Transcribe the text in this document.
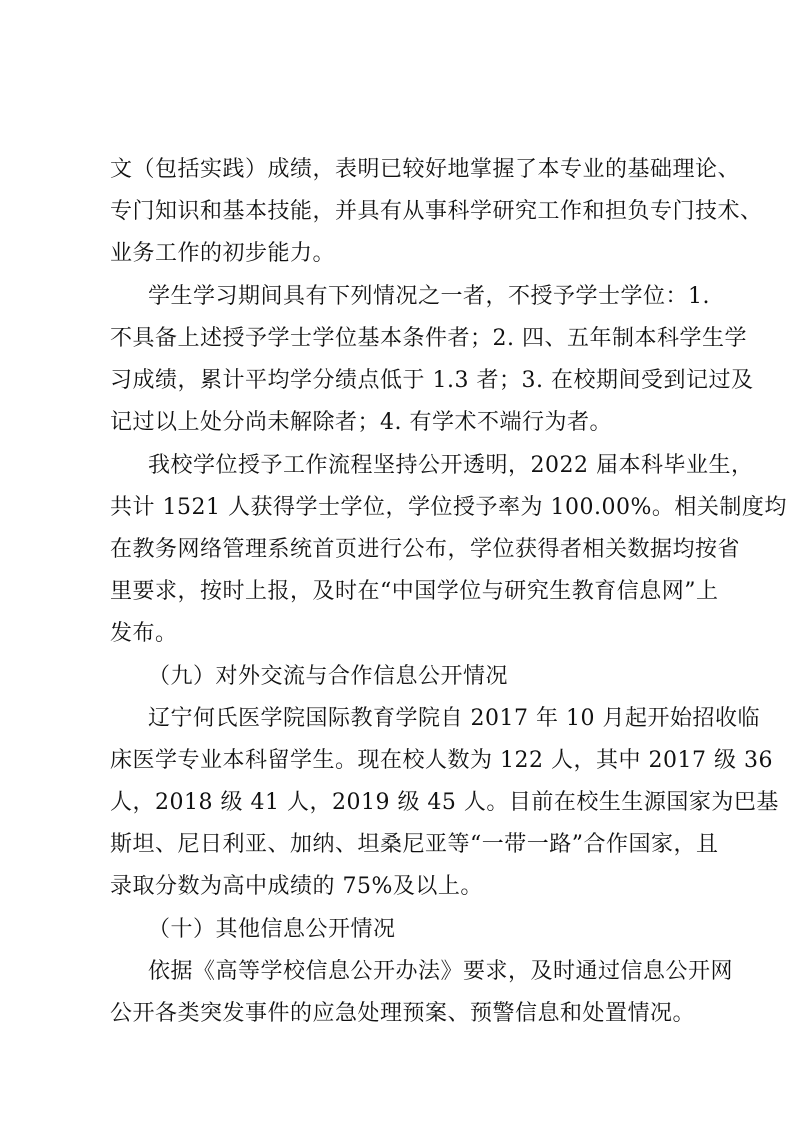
文（包括实践）成绩，表明已较好地掌握了本专业的基础理论、
专门知识和基本技能，并具有从事科学研究工作和担负专门技术、
业务工作的初步能力。
学生学习期间具有下列情况之一者，不授予学士学位：1.
不具备上述授予学士学位基本条件者；2. 四、五年制本科学生学
习成绩，累计平均学分绩点低于 1.3 者；3. 在校期间受到记过及
记过以上处分尚未解除者；4. 有学术不端行为者。
我校学位授予工作流程坚持公开透明，2022 届本科毕业生，
共计 1521 人获得学士学位，学位授予率为 100.00%。相关制度均
在教务网络管理系统首页进行公布，学位获得者相关数据均按省
里要求，按时上报，及时在“中国学位与研究生教育信息网”上
发布。
（九）对外交流与合作信息公开情况
辽宁何氏医学院国际教育学院自 2017 年 10 月起开始招收临
床医学专业本科留学生。现在校人数为 122 人，其中 2017 级 36
人，2018 级 41 人，2019 级 45 人。目前在校生生源国家为巴基
斯坦、尼日利亚、加纳、坦桑尼亚等“一带一路”合作国家，且
录取分数为高中成绩的 75%及以上。
（十）其他信息公开情况
依据《高等学校信息公开办法》要求，及时通过信息公开网
公开各类突发事件的应急处理预案、预警信息和处置情况。
